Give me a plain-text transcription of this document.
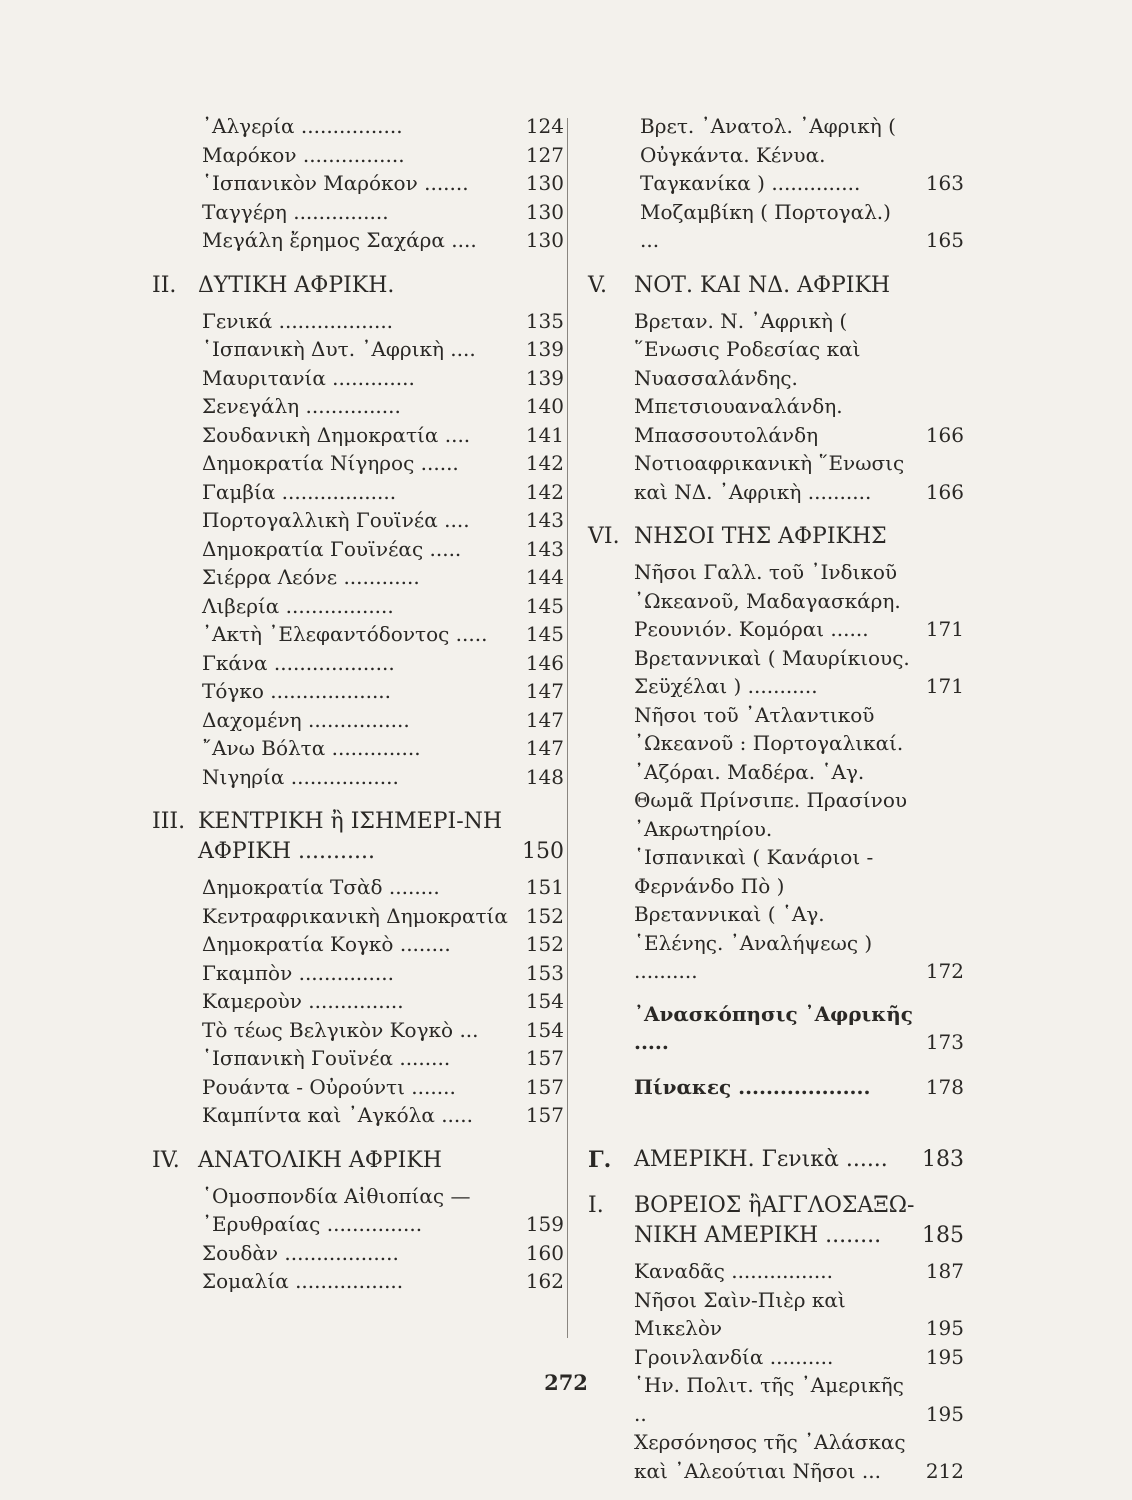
᾿Αλγερία ................	124
Μαρόκον ................	127
῾Ισπανικὸν Μαρόκον .......	130
Ταγγέρη ...............	130
Μεγάλη ἔρημος Σαχάρα ....	130
II. ΔΥΤΙΚΗ ΑΦΡΙΚΗ.
Γενικά ..................	135
῾Ισπανικὴ Δυτ. ᾿Αφρικὴ ....	139
Μαυριτανία .............	139
Σενεγάλη ...............	140
Σουδανικὴ Δημοκρατία ....	141
Δημοκρατία Νίγηρος ......	142
Γαμβία ..................	142
Πορτογαλλικὴ Γουϊνέα ....	143
Δημοκρατία Γουϊνέας .....	143
Σιέρρα Λεόνε ............	144
Λιβερία .................	145
᾿Ακτὴ ᾿Ελεφαντόδοντος .....	145
Γκάνα ...................	146
Τόγκο ...................	147
Δαχομένη ................	147
῎Ανω Βόλτα ..............	147
Νιγηρία .................	148
III. ΚΕΝΤΡΙΚΗ ἢ ΙΣΗΜΕΡΙ-ΝΗ ΑΦΡΙΚΗ ...........	150
Δημοκρατία Τσὰδ ........	151
Κενтραφρικανικὴ Δημοκρατία 152
Δημοκρατία Κογκὸ ........	152
Γκαμπὸν ...............	153
Καμεροὺν ...............	154
Τὸ τέως Βελγικὸν Κογκὸ ...	154
῾Ισπανικὴ Γουϊνέα ........	157
Ρουάντα - Οὐρούντι .......	157
Καμπίντα καὶ ᾿Αγκόλα .....	157
IV. ΑΝΑΤΟΛΙΚΗ ΑΦΡΙΚΗ
῾Ομοσπονδία Αἰθιοπίας — ᾿Ερυθραίας ...............	159
Σουδὰν ..................	160
Σομαλία .................	162
Βρετ. ᾿Ανατολ. ᾿Αφρικὴ ( Οὐγκάντα. Κένυα. Ταγκανίκα ) ..............	163
Μοζαμβίκη ( Πορτογαλ.) ...	165
V.	ΝΟΤ. ΚΑΙ ΝΔ. ΑΦΡΙΚΗ
Βρεταν. Ν. ᾿Αφρικὴ ( ῞Ενωσις Ροδεσίας καὶ Νυασσαλάνδης. Μπετσιουαναλάνδη. Μπασσουτολάνδη	166
Νοτιοαφρικανικὴ ῞Ενωσις καὶ ΝΔ. ᾿Αφρικὴ ..........	166
VI. ΝΗΣΟΙ ΤΗΣ ΑΦΡΙΚΗΣ
Νῆσοι Γαλλ. τοῦ ᾿Ινδικοῦ ᾿Ωκεανοῦ, Μαδαγασκάρη. Ρεουνιόν. Κομόραι ......	171
Βρεταννικαὶ ( Μαυρίκιους. Σεϋχέλαι ) ...........	171
Νῆσοι τοῦ ᾿Ατλαντικοῦ ᾿Ωκεανοῦ : Πορτογαλικαί. ᾿Αζόραι. Μαδέρα. ῾Αγ. Θωμᾶ Πρίνσιπε. Πρασίνου ᾿Ακρωτηρίου.
῾Ισπανικαὶ ( Κανάριοι - Φερνάνδο Πὸ )
Βρεταννικαὶ ( ῾Αγ. ῾Ελένης. ᾿Αναλήψεως ) ..........	172
᾿Ανασκόπησις ᾿Αφρικῆς .....	173
Πίνακες ...................	178
Γ.	ΑΜΕΡΙΚΗ. Γενικὰ ......	183
I.	ΒΟΡΕΙΟΣ ἢΑΓΓΛΟΣΑΞΩ-ΝΙΚΗ ΑΜΕΡΙΚΗ ........	185
Καναδᾶς ................	187
Νῆσοι Σαὶν-Πιὲρ καὶ Μικελὸν	195
Γροινλανδία ..........	195
῾Ην. Πολιτ. τῆς ᾿Αμερικῆς ..	195
Χερσόνησος τῆς ᾿Αλάσκας καὶ ᾿Αλεούτιαι Νῆσοι ...	212
272
